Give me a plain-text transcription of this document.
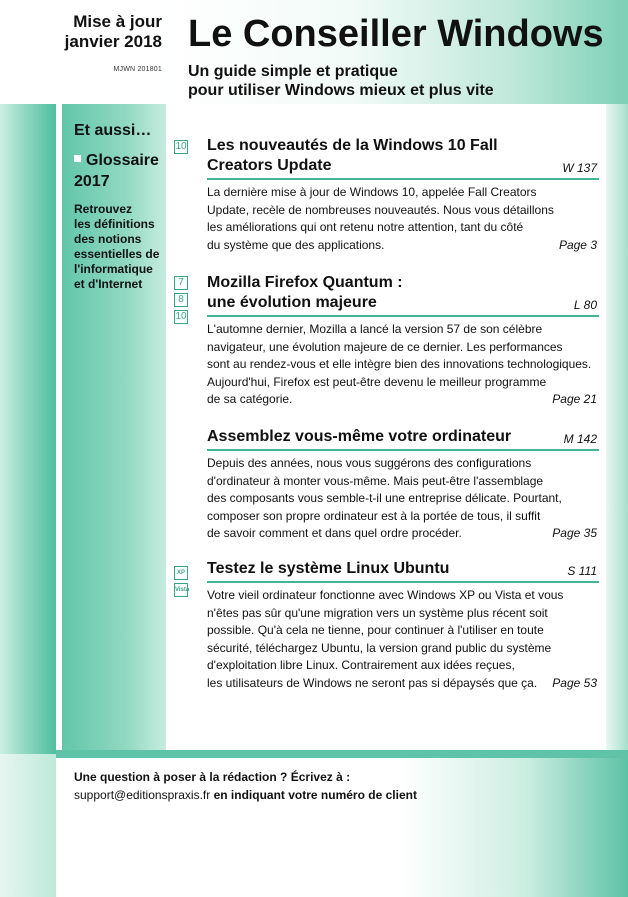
Mise à jour
janvier 2018
MJWN 201801
Le Conseiller Windows
Un guide simple et pratique
pour utiliser Windows mieux et plus vite
Et aussi…
Glossaire
2017
Retrouvez
les définitions
des notions
essentielles de
l'informatique
et d'Internet
10 Les nouveautés de la Windows 10 Fall
Creators Update	W 137
La dernière mise à jour de Windows 10, appelée Fall Creators
Update, recèle de nombreuses nouveautés. Nous vous détaillons
les améliorations qui ont retenu notre attention, tant du côté
du système que des applications.	Page 3
7
8
10
Mozilla Firefox Quantum :
une évolution majeure	L 80
L'automne dernier, Mozilla a lancé la version 57 de son célèbre
navigateur, une évolution majeure de ce dernier. Les performances
sont au rendez-vous et elle intègre bien des innovations technologiques.
Aujourd'hui, Firefox est peut-être devenu le meilleur programme
de sa catégorie.	Page 21
Assemblez vous-même votre ordinateur	M 142
Depuis des années, nous vous suggérons des configurations
d'ordinateur à monter vous-même. Mais peut-être l'assemblage
des composants vous semble-t-il une entreprise délicate. Pourtant,
composer son propre ordinateur est à la portée de tous, il suffit
de savoir comment et dans quel ordre procéder.	Page 35
XP
Vista
Testez le système Linux Ubuntu	S 111
Votre vieil ordinateur fonctionne avec Windows XP ou Vista et vous
n'êtes pas sûr qu'une migration vers un système plus récent soit
possible. Qu'à cela ne tienne, pour continuer à l'utiliser en toute
sécurité, téléchargez Ubuntu, la version grand public du système
d'exploitation libre Linux. Contrairement aux idées reçues,
les utilisateurs de Windows ne seront pas si dépaysés que ça.	Page 53
Une question à poser à la rédaction ? Écrivez à :
support@editionspraxis.fr en indiquant votre numéro de client
